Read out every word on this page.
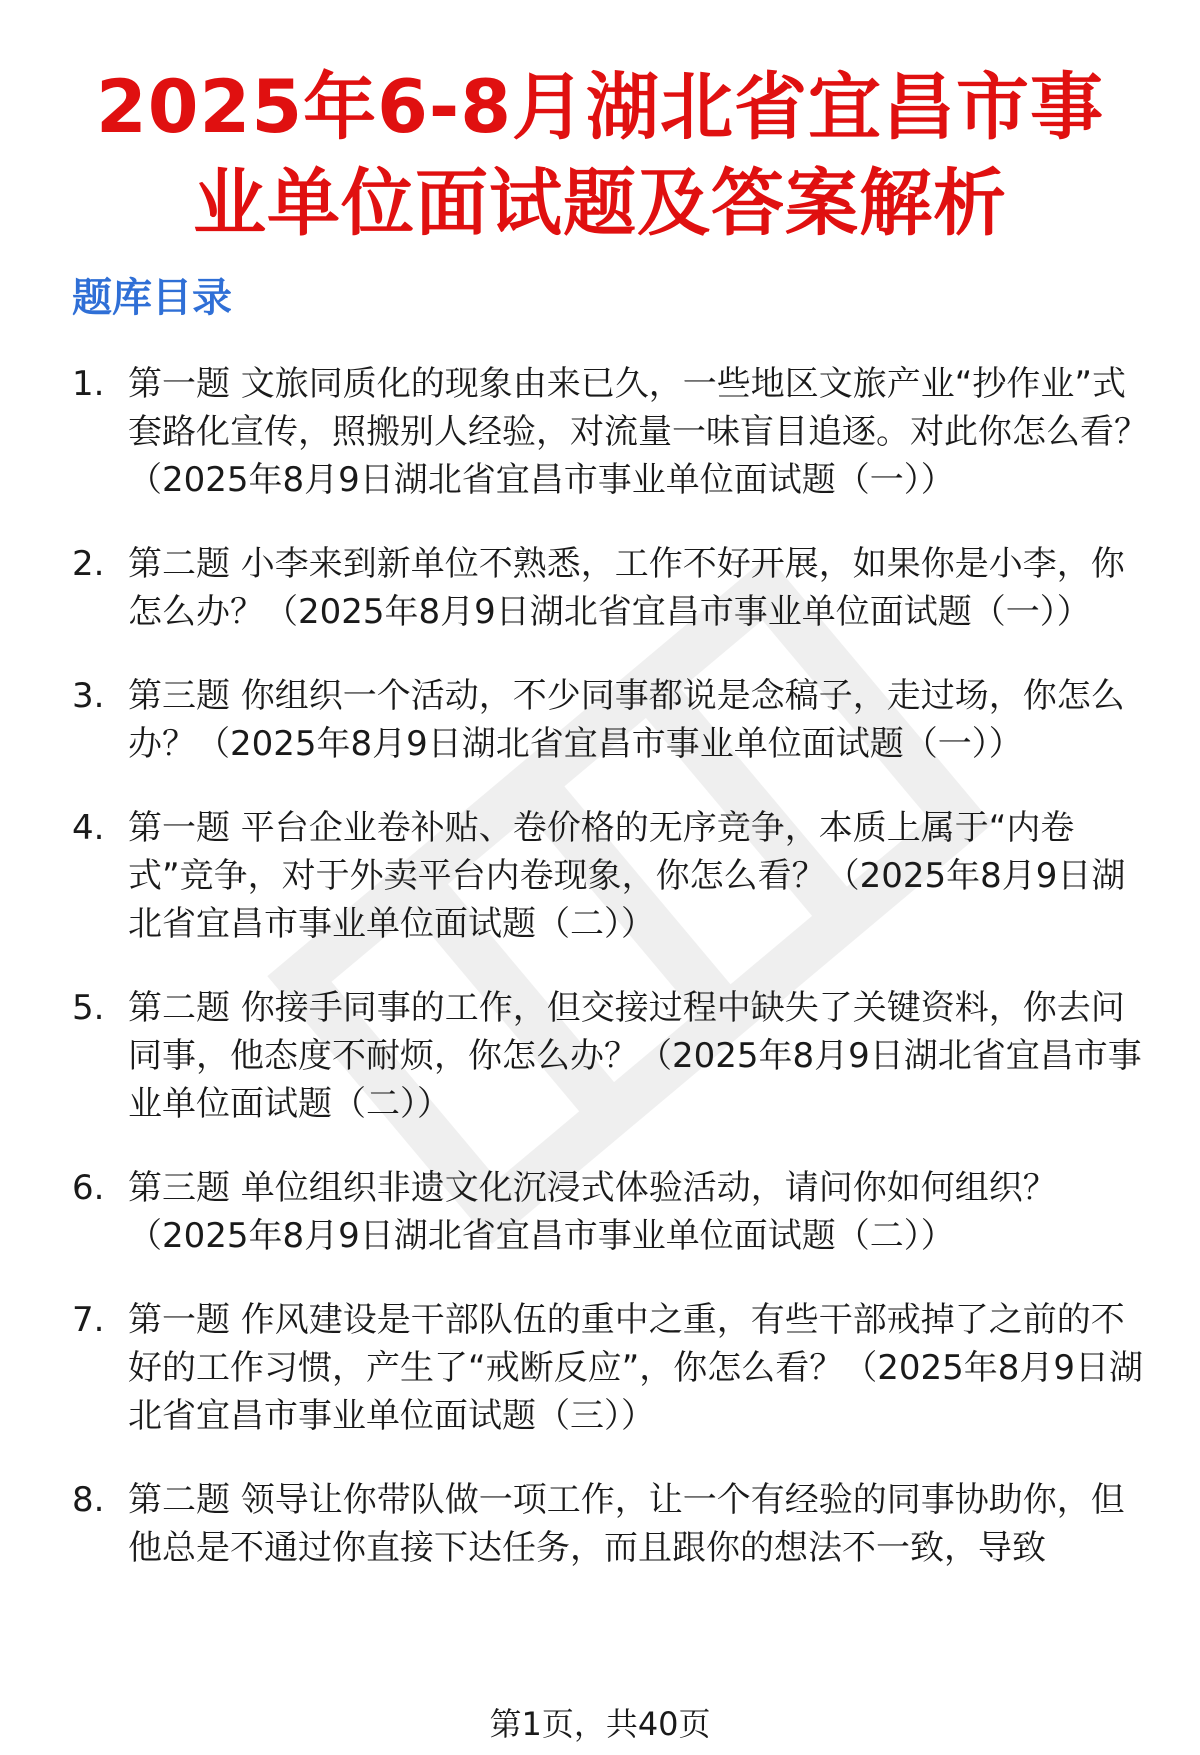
2025年6-8月湖北省宜昌市事业单位面试题及答案解析
题库目录
1. 第一题 文旅同质化的现象由来已久，一些地区文旅产业“抄作业”式套路化宣传，照搬别人经验，对流量一味盲目追逐。对此你怎么看？（2025年8月9日湖北省宜昌市事业单位面试题（一））
2. 第二题 小李来到新单位不熟悉，工作不好开展，如果你是小李，你怎么办？（2025年8月9日湖北省宜昌市事业单位面试题（一））
3. 第三题 你组织一个活动，不少同事都说是念稿子，走过场，你怎么办？（2025年8月9日湖北省宜昌市事业单位面试题（一））
4. 第一题 平台企业卷补贴、卷价格的无序竞争，本质上属于“内卷式”竞争，对于外卖平台内卷现象，你怎么看？（2025年8月9日湖北省宜昌市事业单位面试题（二））
5. 第二题 你接手同事的工作，但交接过程中缺失了关键资料，你去问同事，他态度不耐烦，你怎么办？（2025年8月9日湖北省宜昌市事业单位面试题（二））
6. 第三题 单位组织非遗文化沉浸式体验活动，请问你如何组织？（2025年8月9日湖北省宜昌市事业单位面试题（二））
7. 第一题 作风建设是干部队伍的重中之重，有些干部戒掉了之前的不好的工作习惯，产生了“戒断反应”，你怎么看？（2025年8月9日湖北省宜昌市事业单位面试题（三））
8. 第二题 领导让你带队做一项工作，让一个有经验的同事协助你，但他总是不通过你直接下达任务，而且跟你的想法不一致，导致
第1页，共40页
